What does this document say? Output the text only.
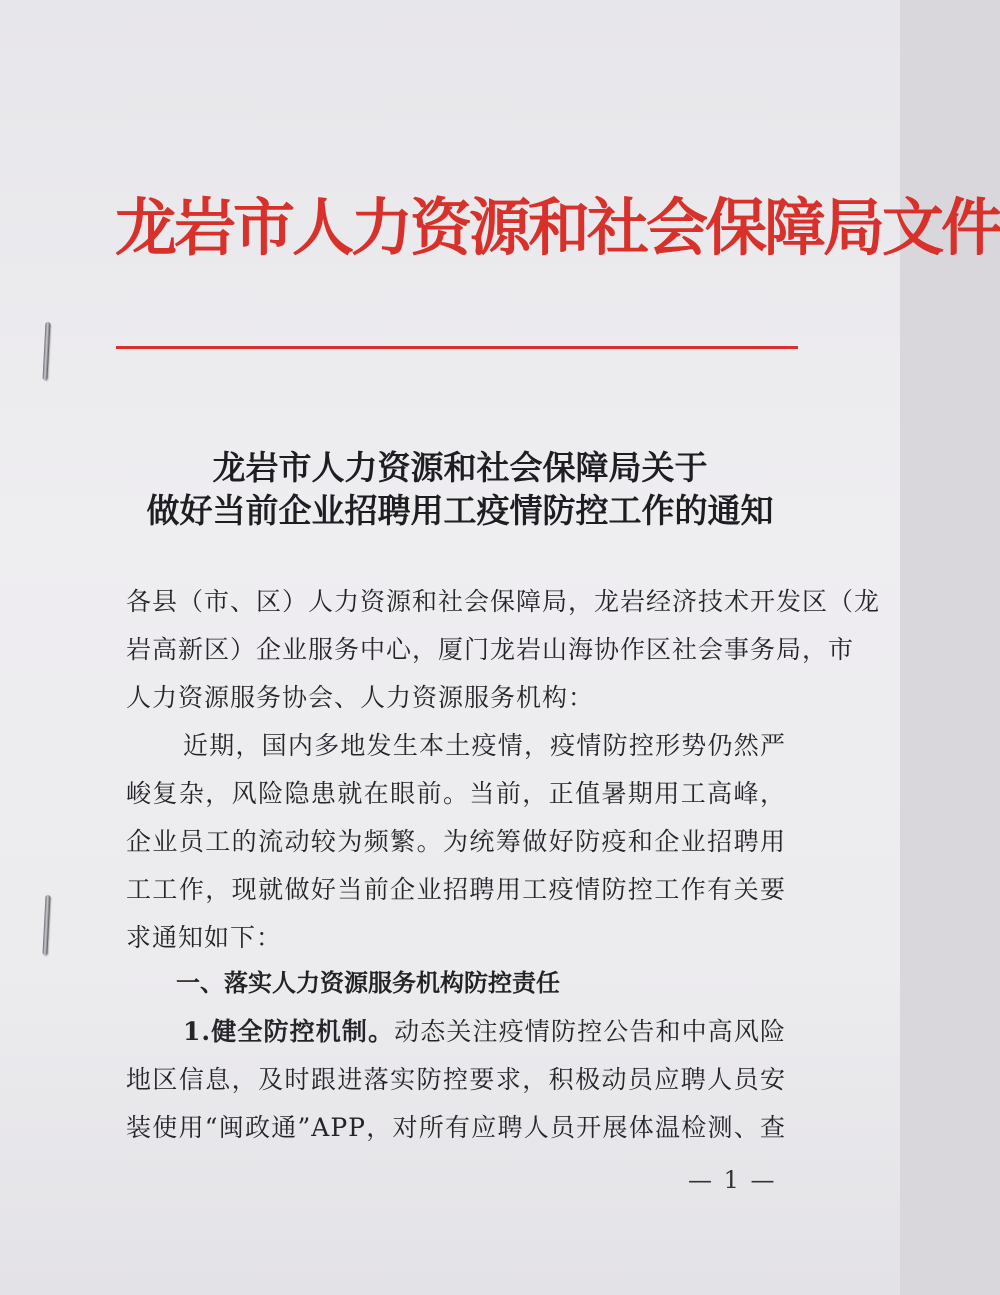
龙岩市人力资源和社会保障局文件
龙岩市人力资源和社会保障局关于
做好当前企业招聘用工疫情防控工作的通知
各县（市、区）人力资源和社会保障局，龙岩经济技术开发区（龙
岩高新区）企业服务中心，厦门龙岩山海协作区社会事务局，市
人力资源服务协会、人力资源服务机构：
近期，国内多地发生本土疫情，疫情防控形势仍然严
峻复杂，风险隐患就在眼前。当前，正值暑期用工高峰，
企业员工的流动较为频繁。为统筹做好防疫和企业招聘用
工工作，现就做好当前企业招聘用工疫情防控工作有关要
求通知如下：
一、落实人力资源服务机构防控责任
1.健全防控机制。动态关注疫情防控公告和中高风险
地区信息，及时跟进落实防控要求，积极动员应聘人员安
装使用“闽政通”APP，对所有应聘人员开展体温检测、查
— 1 —
